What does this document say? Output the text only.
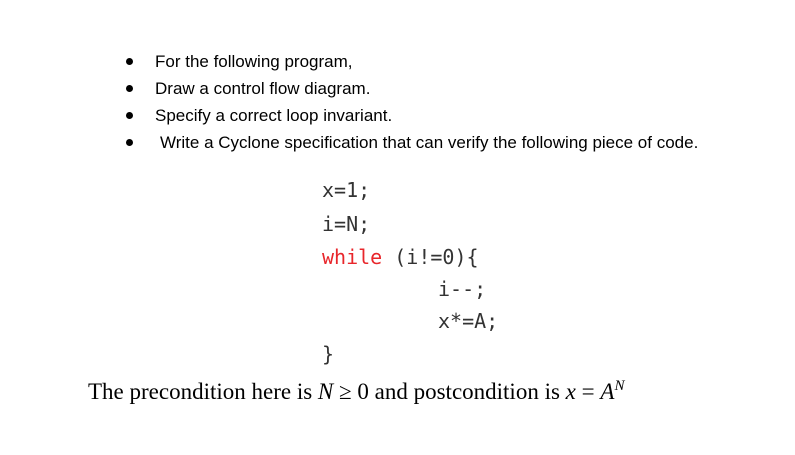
For the following program,
Draw a control flow diagram.
Specify a correct loop invariant.
Write a Cyclone specification that can verify the following piece of code.
x=1;
i=N;
while (i!=0){
i--;
x*=A;
}
The precondition here is N ≥ 0 and postcondition is $x = A^N$
